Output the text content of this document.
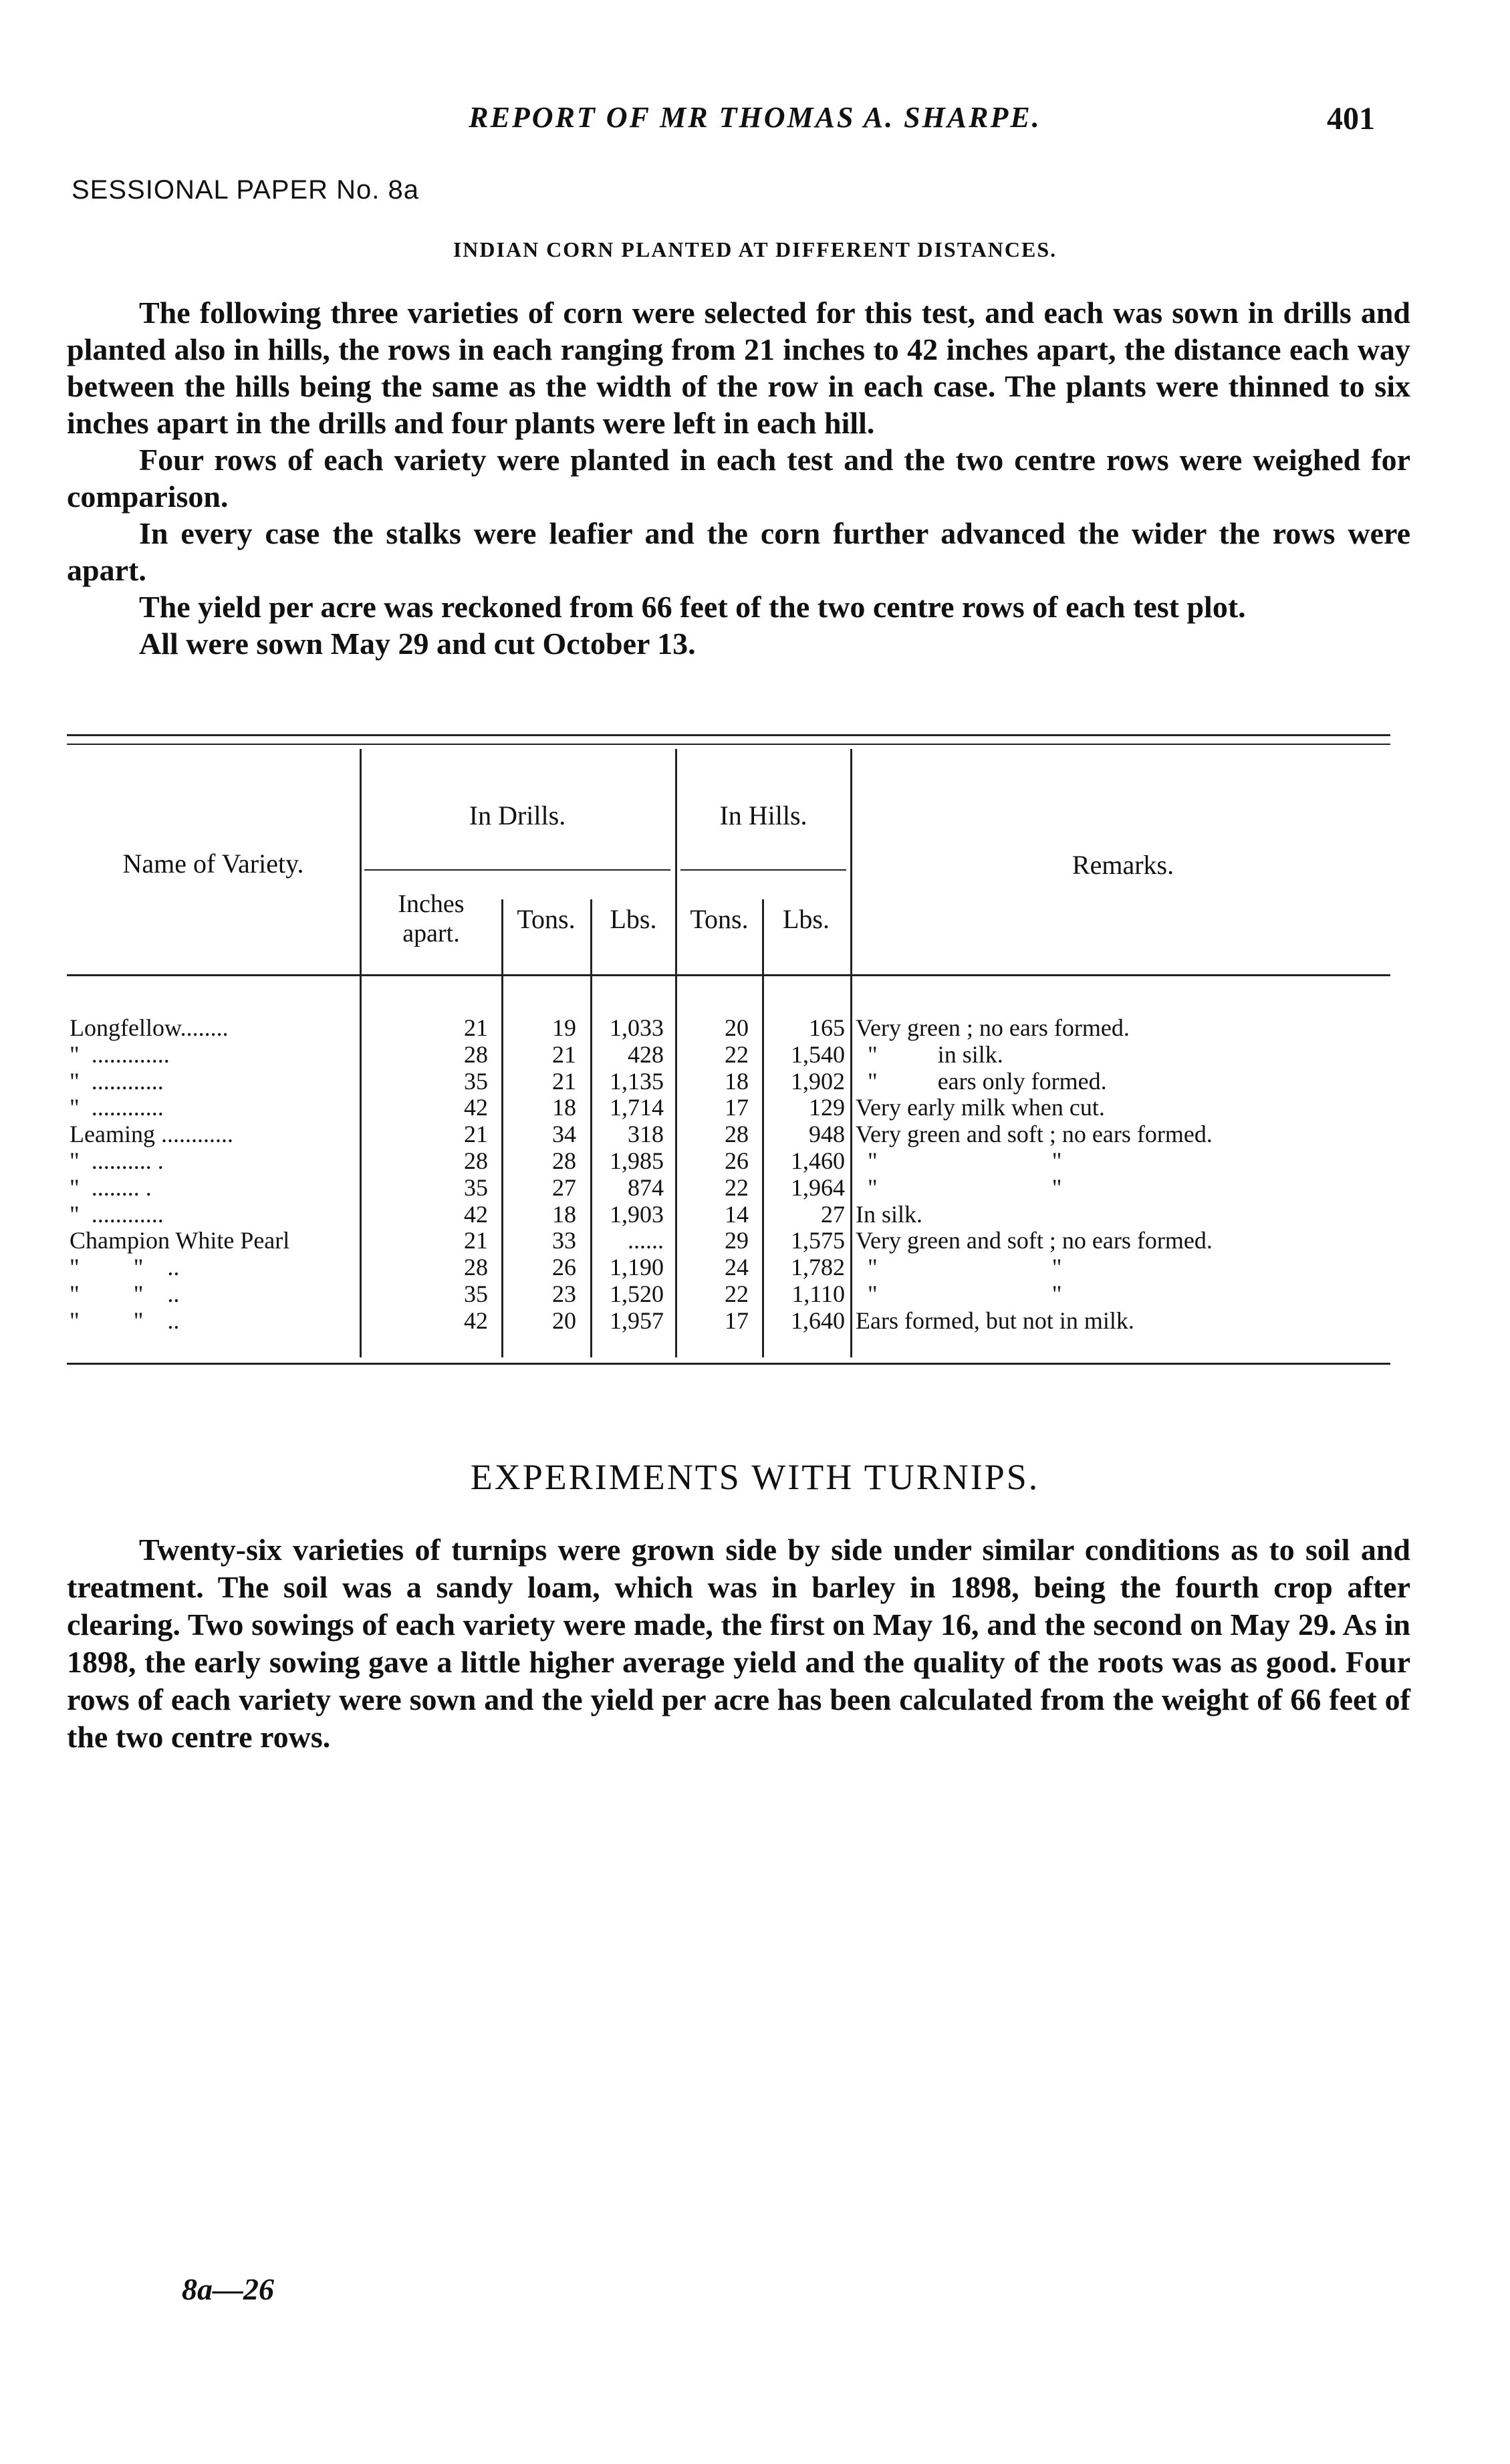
REPORT OF MR THOMAS A. SHARPE.	401
SESSIONAL PAPER No. 8a
INDIAN CORN PLANTED AT DIFFERENT DISTANCES.

The following three varieties of corn were selected for this test, and each was sown in drills and planted also in hills, the rows in each ranging from 21 inches to 42 inches apart, the distance each way between the hills being the same as the width of the row in each case. The plants were thinned to six inches apart in the drills and four plants were left in each hill.

Four rows of each variety were planted in each test and the two centre rows were weighed for comparison.

In every case the stalks were leafier and the corn further advanced the wider the rows were apart.

The yield per acre was reckoned from 66 feet of the two centre rows of each test plot.

All were sown May 29 and cut October 13.

Name of Variety.
In Drills.	In Hills.
Remarks.
Inches apart.	Tons.	Lbs.	Tons.	Lbs.
Longfellow........	21	19	1,033	20	165 Very green ; no ears formed.
"  .............	28	21	428	22	1,540 "          in silk.
"  ............	35	21	1,135	18	1,902 "          ears only formed.
"  ............	42	18	1,714	17	129 Very early milk when cut.
Leaming ............	21	34	318	28	948 Very green and soft ; no ears formed.
"  .......... .	28	28	1,985	26	1,460 "                             "
"  ........ .	35	27	874	22	1,964 "                             "
"  ............	42	18	1,903	14	27 In silk.
Champion White Pearl	21	33	......	29	1,575 Very green and soft ; no ears formed.
"         "    ..	28	26	1,190	24	1,782 "                             "
"         "    ..	35	23	1,520	22	1,110 "                             "
"         "    ..	42	20	1,957	17	1,640 Ears formed, but not in milk.
EXPERIMENTS WITH TURNIPS.

Twenty-six varieties of turnips were grown side by side under similar conditions as to soil and treatment. The soil was a sandy loam, which was in barley in 1898, being the fourth crop after clearing. Two sowings of each variety were made, the first on May 16, and the second on May 29. As in 1898, the early sowing gave a little higher average yield and the quality of the roots was as good. Four rows of each variety were sown and the yield per acre has been calculated from the weight of 66 feet of the two centre rows.

8a—26
